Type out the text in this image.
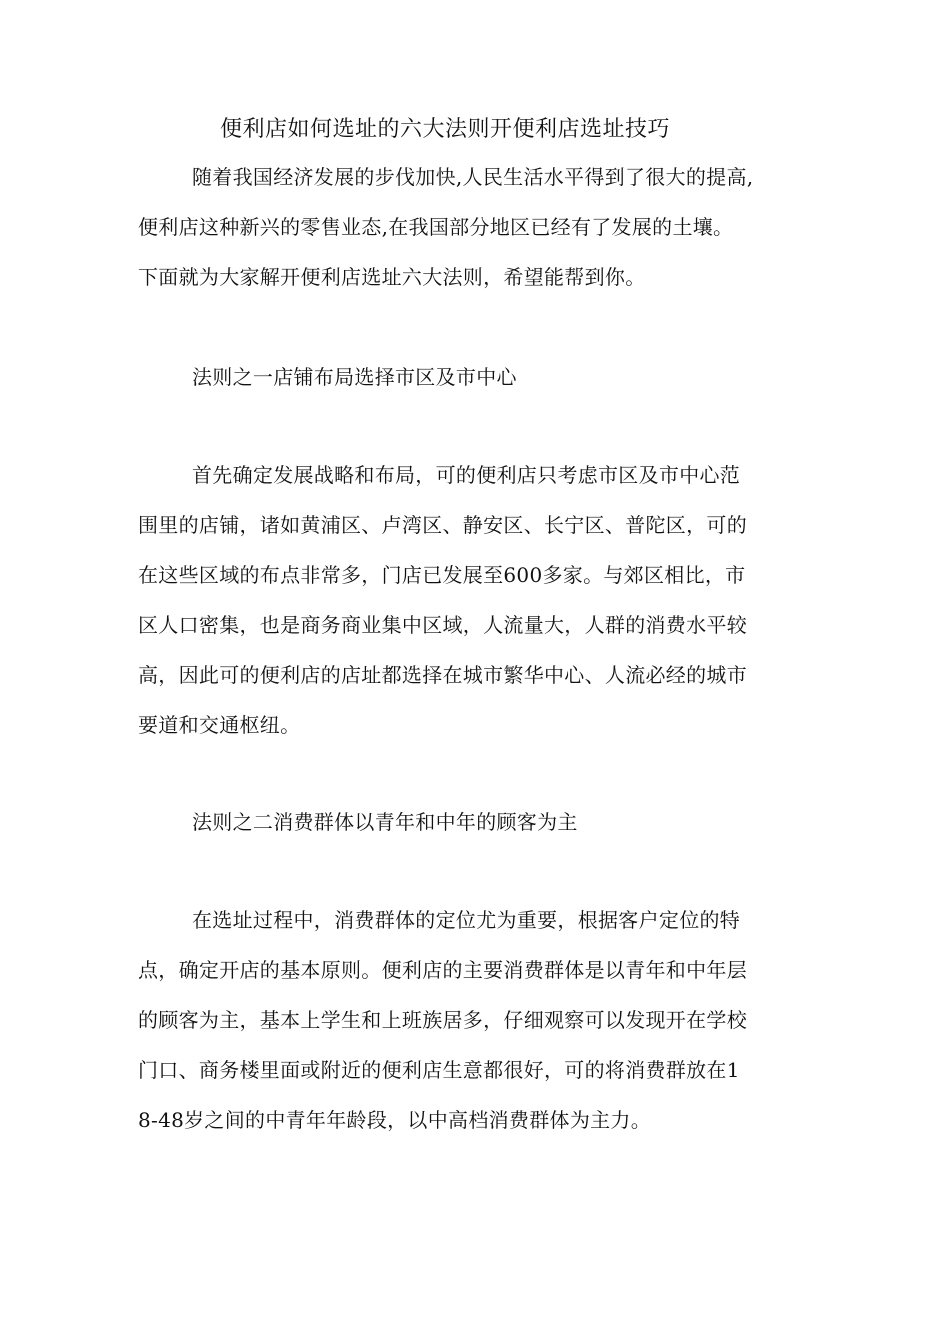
便利店如何选址的六大法则开便利店选址技巧
随着我国经济发展的步伐加快,人民生活水平得到了很大的提高,
便利店这种新兴的零售业态,在我国部分地区已经有了发展的土壤。
下面就为大家解开便利店选址六大法则，希望能帮到你。
法则之一店铺布局选择市区及市中心
首先确定发展战略和布局，可的便利店只考虑市区及市中心范
围里的店铺，诸如黄浦区、卢湾区、静安区、长宁区、普陀区，可的
在这些区域的布点非常多，门店已发展至600多家。与郊区相比，市
区人口密集，也是商务商业集中区域，人流量大，人群的消费水平较
高，因此可的便利店的店址都选择在城市繁华中心、人流必经的城市
要道和交通枢纽。
法则之二消费群体以青年和中年的顾客为主
在选址过程中，消费群体的定位尤为重要，根据客户定位的特
点，确定开店的基本原则。便利店的主要消费群体是以青年和中年层
的顾客为主，基本上学生和上班族居多，仔细观察可以发现开在学校
门口、商务楼里面或附近的便利店生意都很好，可的将消费群放在1
8-48岁之间的中青年年龄段，以中高档消费群体为主力。
